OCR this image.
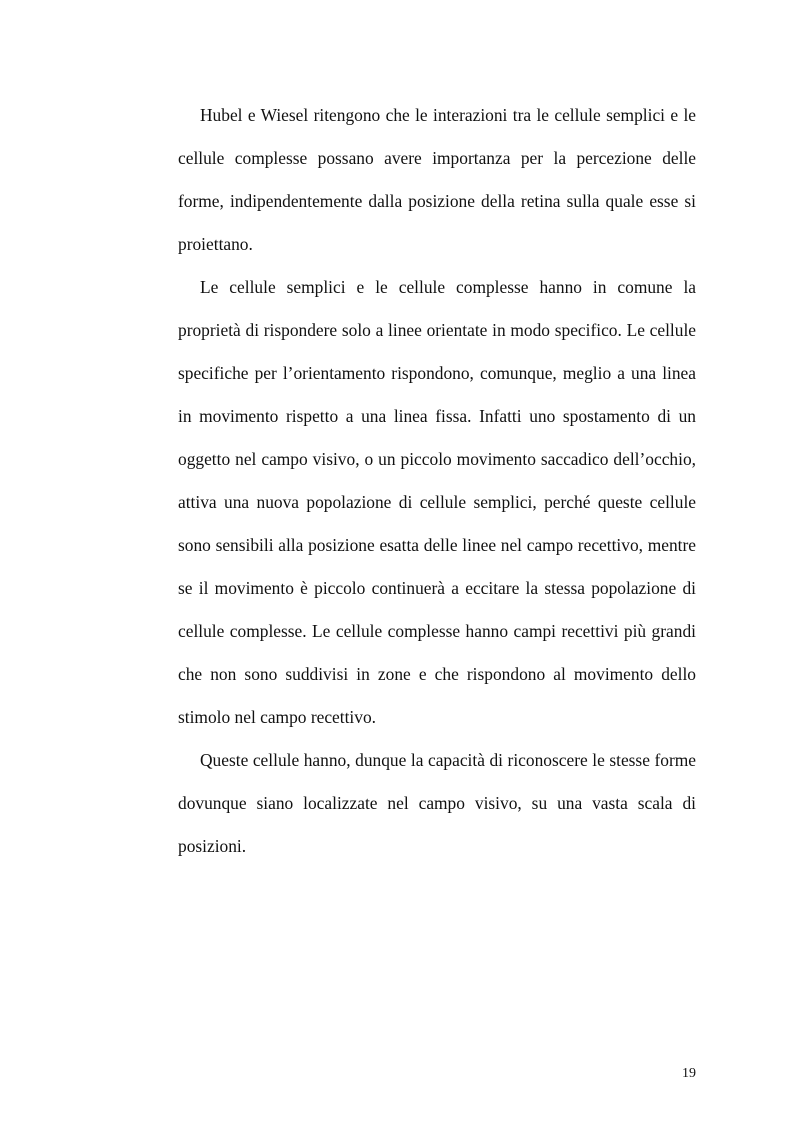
Hubel e Wiesel ritengono che le interazioni tra le cellule semplici e le cellule complesse possano avere importanza per la percezione delle forme, indipendentemente dalla posizione della retina sulla quale esse si proiettano.

Le cellule semplici e le cellule complesse hanno in comune la proprietà di rispondere solo a linee orientate in modo specifico. Le cellule specifiche per l’orientamento rispondono, comunque, meglio a una linea in movimento rispetto a una linea fissa. Infatti uno spostamento di un oggetto nel campo visivo, o un piccolo movimento saccadico dell’occhio, attiva una nuova popolazione di cellule semplici, perché queste cellule sono sensibili alla posizione esatta delle linee nel campo recettivo, mentre se il movimento è piccolo continuerà a eccitare la stessa popolazione di cellule complesse. Le cellule complesse hanno campi recettivi più grandi che non sono suddivisi in zone e che rispondono al movimento dello stimolo nel campo recettivo.

Queste cellule hanno, dunque la capacità di riconoscere le stesse forme dovunque siano localizzate nel campo visivo, su una vasta scala di posizioni.

19
